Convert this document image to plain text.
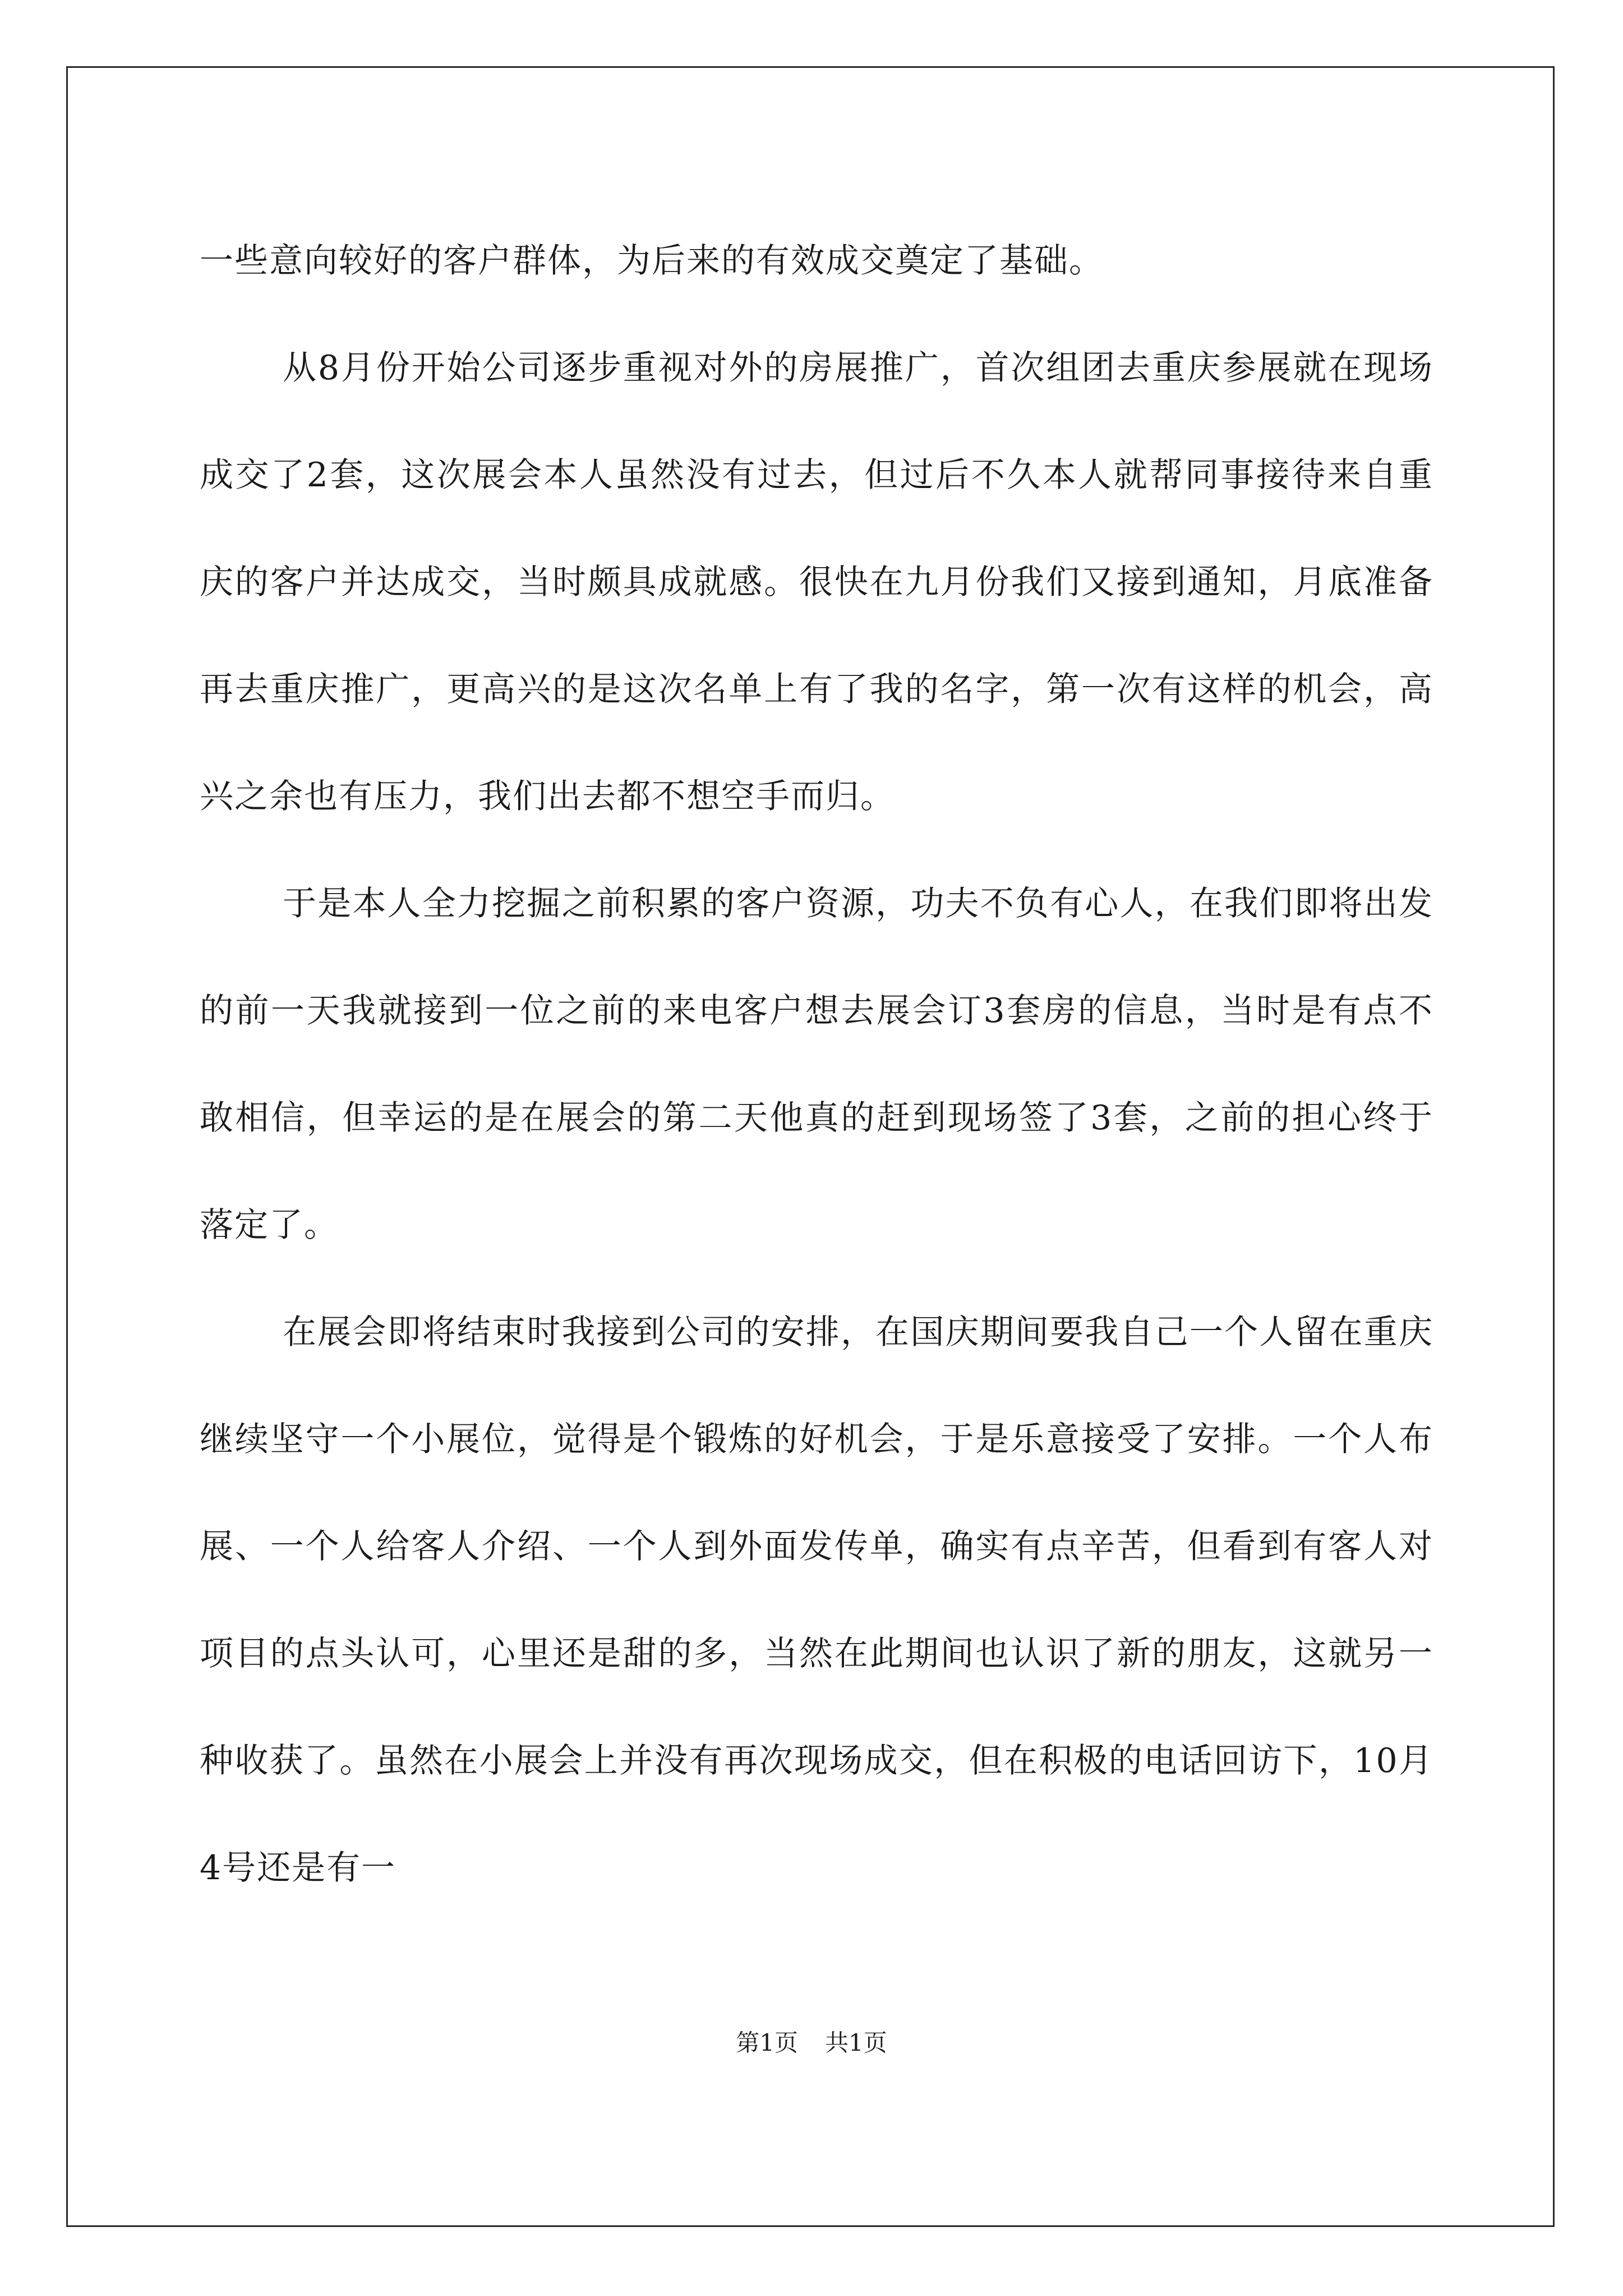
一些意向较好的客户群体，为后来的有效成交奠定了基础。

从8月份开始公司逐步重视对外的房展推广，首次组团去重庆参展就在现场成交了2套，这次展会本人虽然没有过去，但过后不久本人就帮同事接待来自重庆的客户并达成交，当时颇具成就感。很快在九月份我们又接到通知，月底准备再去重庆推广，更高兴的是这次名单上有了我的名字，第一次有这样的机会，高兴之余也有压力，我们出去都不想空手而归。

于是本人全力挖掘之前积累的客户资源，功夫不负有心人，在我们即将出发的前一天我就接到一位之前的来电客户想去展会订3套房的信息，当时是有点不敢相信，但幸运的是在展会的第二天他真的赶到现场签了3套，之前的担心终于落定了。

在展会即将结束时我接到公司的安排，在国庆期间要我自己一个人留在重庆继续坚守一个小展位，觉得是个锻炼的好机会，于是乐意接受了安排。一个人布展、一个人给客人介绍、一个人到外面发传单，确实有点辛苦，但看到有客人对项目的点头认可，心里还是甜的多，当然在此期间也认识了新的朋友，这就另一种收获了。虽然在小展会上并没有再次现场成交，但在积极的电话回访下，10月4号还是有一

第1页 共1页
